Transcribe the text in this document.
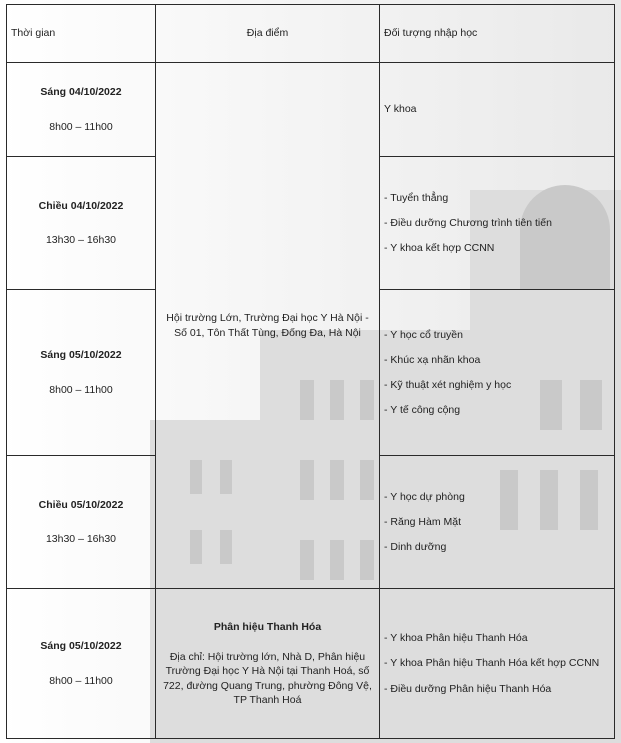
Thời gian	Địa điểm	Đối tượng nhập học

Sáng 04/10/2022
8h00 – 11h00	Hội trường Lớn, Trường Đại học Y Hà Nội - Số 01, Tôn Thất Tùng, Đống Đa, Hà Nội	Y khoa

Chiều 04/10/2022
13h30 – 16h30		- Tuyển thẳng
- Điều dưỡng Chương trình tiên tiến
- Y khoa kết hợp CCNN

Sáng 05/10/2022
8h00 – 11h00		- Y học cổ truyền
- Khúc xạ nhãn khoa
- Kỹ thuật xét nghiệm y học
- Y tế công cộng

Chiều 05/10/2022
13h30 – 16h30		- Y học dự phòng
- Răng Hàm Mặt
- Dinh dưỡng

Sáng 05/10/2022
8h00 – 11h00	Phân hiệu Thanh Hóa
Địa chỉ: Hội trường lớn, Nhà D, Phân hiệu Trường Đại học Y Hà Nội tại Thanh Hoá, số 722, đường Quang Trung, phường Đông Vệ, TP Thanh Hoá	- Y khoa Phân hiệu Thanh Hóa
- Y khoa Phân hiệu Thanh Hóa kết hợp CCNN
- Điều dưỡng Phân hiệu Thanh Hóa
